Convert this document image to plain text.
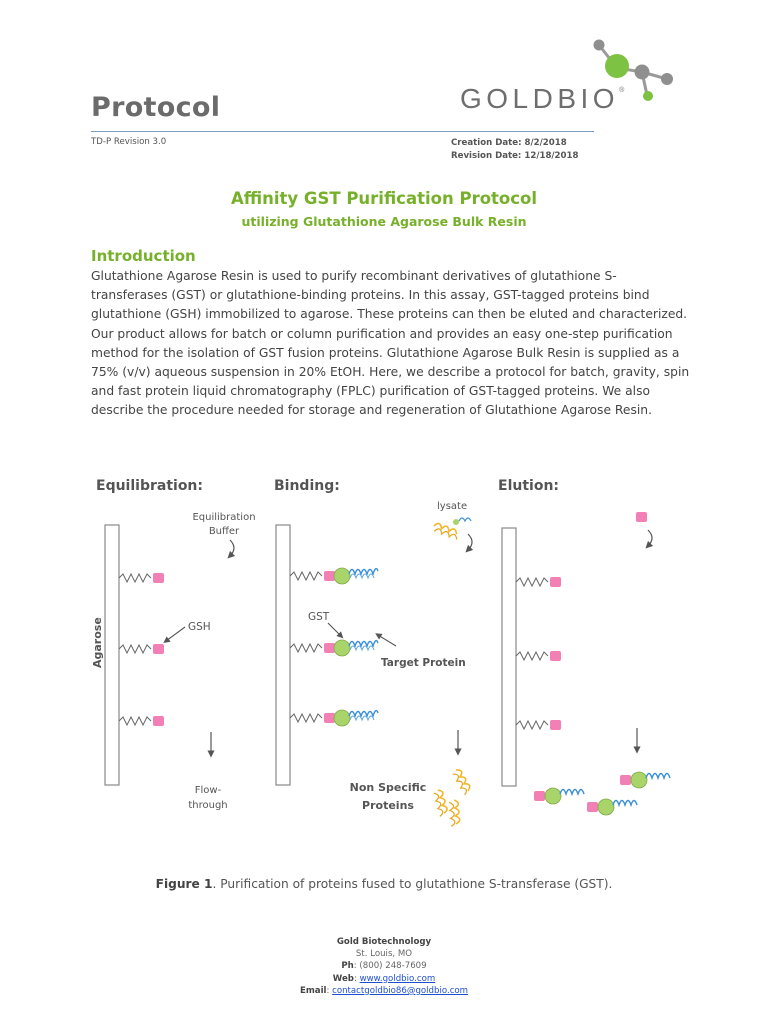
Protocol
TD-P Revision 3.0	Creation Date: 8/2/2018
Revision Date: 12/18/2018
GOLDBIO®
Affinity GST Purification Protocol
utilizing Glutathione Agarose Bulk Resin
Introduction
Glutathione Agarose Resin is used to purify recombinant derivatives of glutathione S-transferases (GST) or glutathione-binding proteins. In this assay, GST-tagged proteins bind glutathione (GSH) immobilized to agarose. These proteins can then be eluted and characterized. Our product allows for batch or column purification and provides an easy one-step purification method for the isolation of GST fusion proteins. Glutathione Agarose Bulk Resin is supplied as a 75% (v/v) aqueous suspension in 20% EtOH. Here, we describe a protocol for batch, gravity, spin and fast protein liquid chromatography (FPLC) purification of GST-tagged proteins. We also describe the procedure needed for storage and regeneration of Glutathione Agarose Resin.
Equilibration:	Binding:	Elution:
Agarose
Equilibration
Buffer
GSH
Flow-
through
lysate
GST
Target Protein
Non Specific
Proteins
Figure 1. Purification of proteins fused to glutathione S-transferase (GST).
Gold Biotechnology
St. Louis, MO
Ph: (800) 248-7609
Web: www.goldbio.com
Email: contactgoldbio86@goldbio.com
